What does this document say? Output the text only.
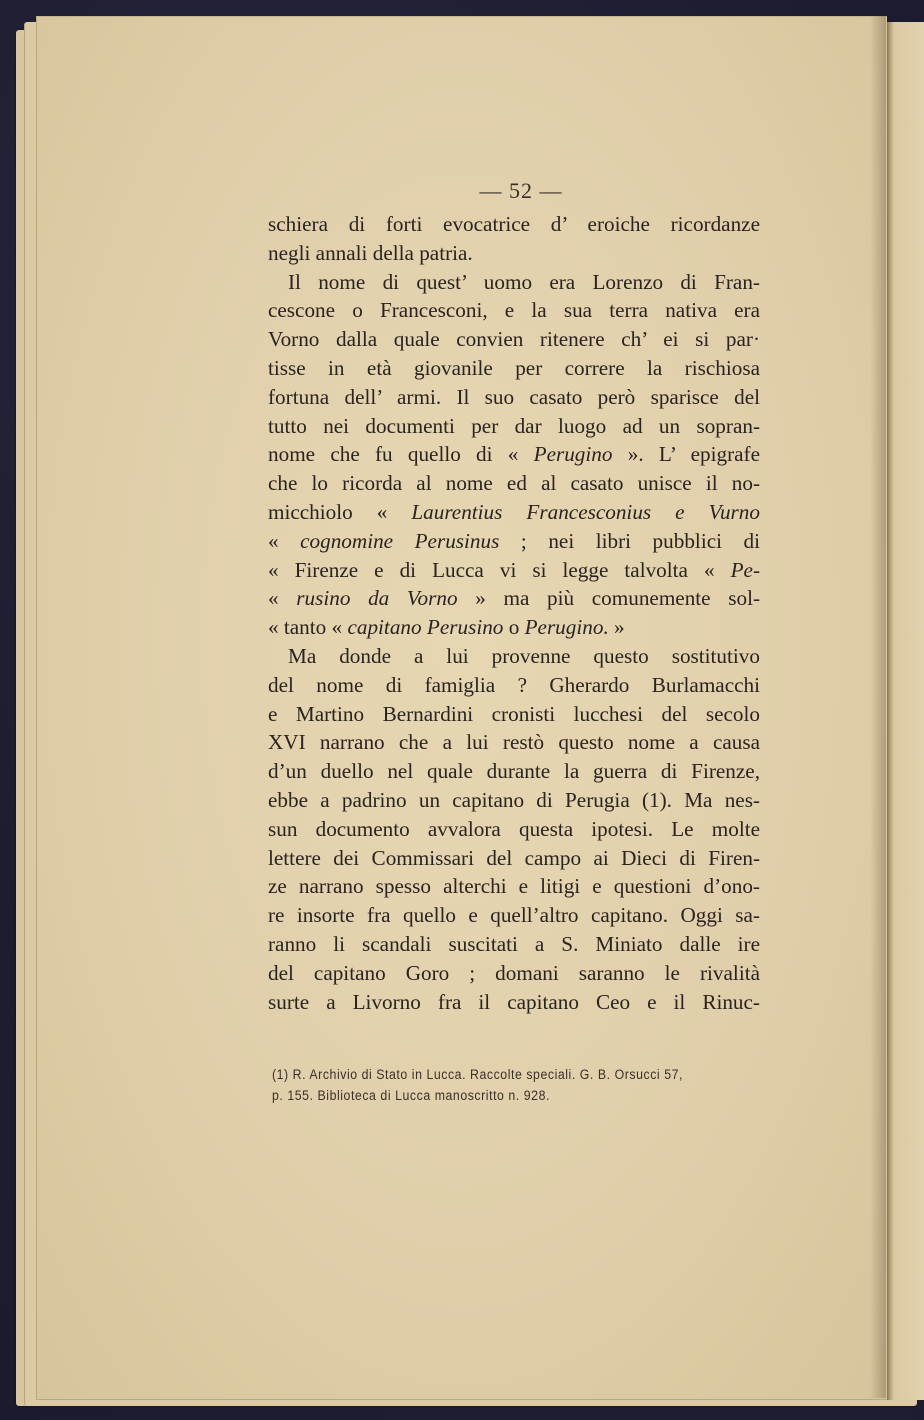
— 52 —
schiera di forti evocatrice d’ eroiche ricordanze
negli annali della patria.
Il nome di quest’ uomo era Lorenzo di Fran-
cescone o Francesconi, e la sua terra nativa era
Vorno dalla quale convien ritenere ch’ ei si par·
tisse in età giovanile per correre la rischiosa
fortuna dell’ armi. Il suo casato però sparisce del
tutto nei documenti per dar luogo ad un sopran-
nome che fu quello di « Perugino ». L’ epigrafe
che lo ricorda al nome ed al casato unisce il no-
micchiolo « Laurentius Francesconius e Vurno
« cognomine Perusinus ; nei libri pubblici di
« Firenze e di Lucca vi si legge talvolta « Pe-
« rusino da Vorno » ma più comunemente sol-
« tanto « capitano Perusino o Perugino. »
Ma donde a lui provenne questo sostitutivo
del nome di famiglia ? Gherardo Burlamacchi
e Martino Bernardini cronisti lucchesi del secolo
XVI narrano che a lui restò questo nome a causa
d’un duello nel quale durante la guerra di Firenze,
ebbe a padrino un capitano di Perugia (1). Ma nes-
sun documento avvalora questa ipotesi. Le molte
lettere dei Commissari del campo ai Dieci di Firen-
ze narrano spesso alterchi e litigi e questioni d’ono-
re insorte fra quello e quell’altro capitano. Oggi sa-
ranno li scandali suscitati a S. Miniato dalle ire
del capitano Goro ; domani saranno le rivalità
surte a Livorno fra il capitano Ceo e il Rinuc-
(1) R. Archivio di Stato in Lucca. Raccolte speciali. G. B. Orsucci 57,
p. 155. Biblioteca di Lucca manoscritto n. 928.
